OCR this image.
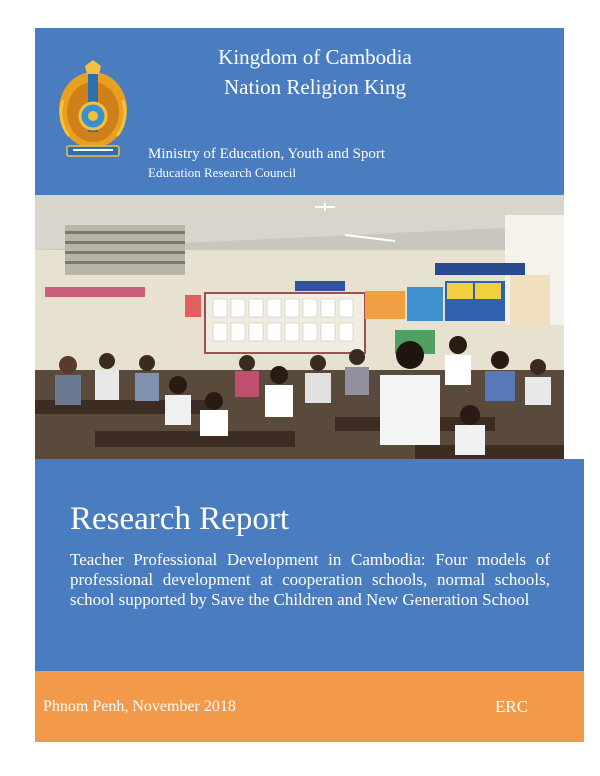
Kingdom of Cambodia
Nation Religion King
Ministry of Education, Youth and Sport
Education Research Council
Research Report
Teacher Professional Development in Cambodia: Four models of professional development at cooperation schools, normal schools, school supported by Save the Children and New Generation School
Phnom Penh, November 2018	ERC
